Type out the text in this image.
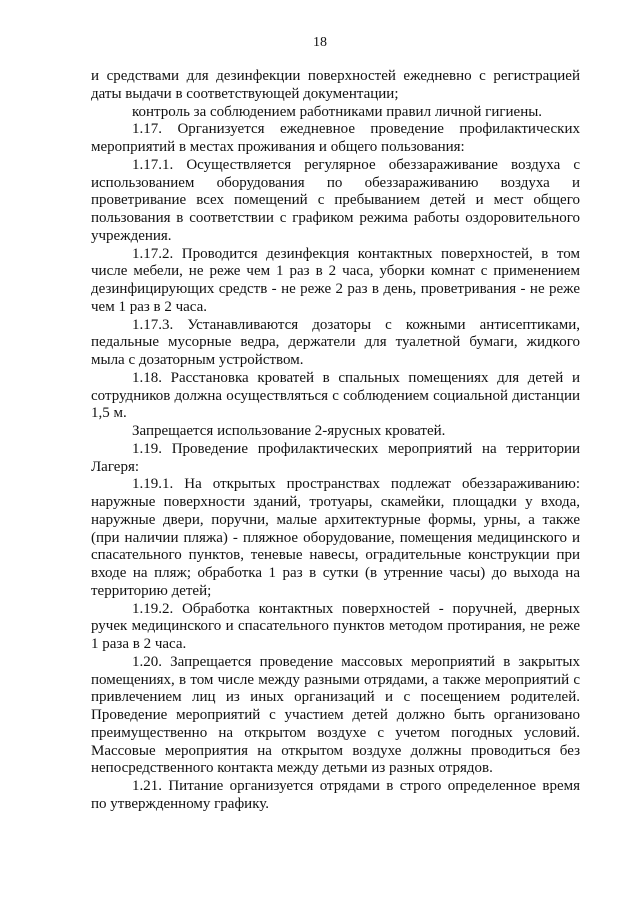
18

и средствами для дезинфекции поверхностей ежедневно с регистрацией даты выдачи в соответствующей документации;

контроль за соблюдением работниками правил личной гигиены.

1.17. Организуется ежедневное проведение профилактических мероприятий в местах проживания и общего пользования:

1.17.1. Осуществляется регулярное обеззараживание воздуха с использованием оборудования по обеззараживанию воздуха и проветривание всех помещений с пребыванием детей и мест общего пользования в соответствии с графиком режима работы оздоровительного учреждения.

1.17.2. Проводится дезинфекция контактных поверхностей, в том числе мебели, не реже чем 1 раз в 2 часа, уборки комнат с применением дезинфицирующих средств - не реже 2 раз в день, проветривания - не реже чем 1 раз в 2 часа.

1.17.3. Устанавливаются дозаторы с кожными антисептиками, педальные мусорные ведра, держатели для туалетной бумаги, жидкого мыла с дозаторным устройством.

1.18. Расстановка кроватей в спальных помещениях для детей и сотрудников должна осуществляться с соблюдением социальной дистанции 1,5 м.

Запрещается использование 2-ярусных кроватей.

1.19. Проведение профилактических мероприятий на территории Лагеря:

1.19.1. На открытых пространствах подлежат обеззараживанию: наружные поверхности зданий, тротуары, скамейки, площадки у входа, наружные двери, поручни, малые архитектурные формы, урны, а также (при наличии пляжа) - пляжное оборудование, помещения медицинского и спасательного пунктов, теневые навесы, оградительные конструкции при входе на пляж; обработка 1 раз в сутки (в утренние часы) до выхода на территорию детей;

1.19.2. Обработка контактных поверхностей - поручней, дверных ручек медицинского и спасательного пунктов методом протирания, не реже 1 раза в 2 часа.

1.20. Запрещается проведение массовых мероприятий в закрытых помещениях, в том числе между разными отрядами, а также мероприятий с привлечением лиц из иных организаций и с посещением родителей. Проведение мероприятий с участием детей должно быть организовано преимущественно на открытом воздухе с учетом погодных условий. Массовые мероприятия на открытом воздухе должны проводиться без непосредственного контакта между детьми из разных отрядов.

1.21. Питание организуется отрядами в строго определенное время по утвержденному графику.
